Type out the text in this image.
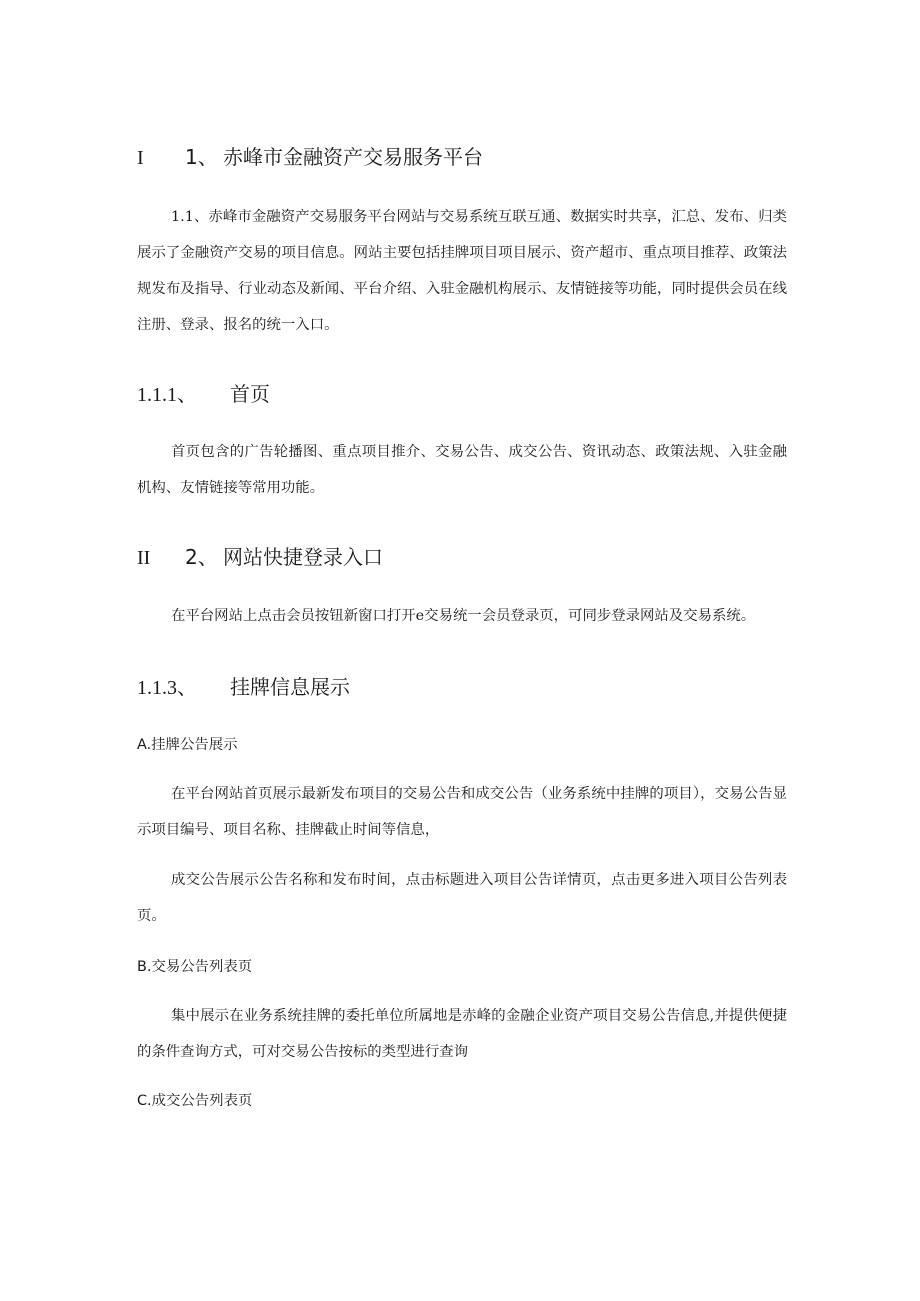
I 1、 赤峰市金融资产交易服务平台
1.1、赤峰市金融资产交易服务平台网站与交易系统互联互通、数据实时共享，汇总、发布、归类展示了金融资产交易的项目信息。网站主要包括挂牌项目项目展示、资产超市、重点项目推荐、政策法规发布及指导、行业动态及新闻、平台介绍、入驻金融机构展示、友情链接等功能，同时提供会员在线注册、登录、报名的统一入口。
1.1.1、 首页
首页包含的广告轮播图、重点项目推介、交易公告、成交公告、资讯动态、政策法规、入驻金融机构、友情链接等常用功能。
II 2、 网站快捷登录入口
在平台网站上点击会员按钮新窗口打开e交易统一会员登录页，可同步登录网站及交易系统。
1.1.3、 挂牌信息展示
A.挂牌公告展示
在平台网站首页展示最新发布项目的交易公告和成交公告（业务系统中挂牌的项目），交易公告显示项目编号、项目名称、挂牌截止时间等信息，
成交公告展示公告名称和发布时间，点击标题进入项目公告详情页，点击更多进入项目公告列表页。
B.交易公告列表页
集中展示在业务系统挂牌的委托单位所属地是赤峰的金融企业资产项目交易公告信息,并提供便捷的条件查询方式，可对交易公告按标的类型进行查询
C.成交公告列表页
